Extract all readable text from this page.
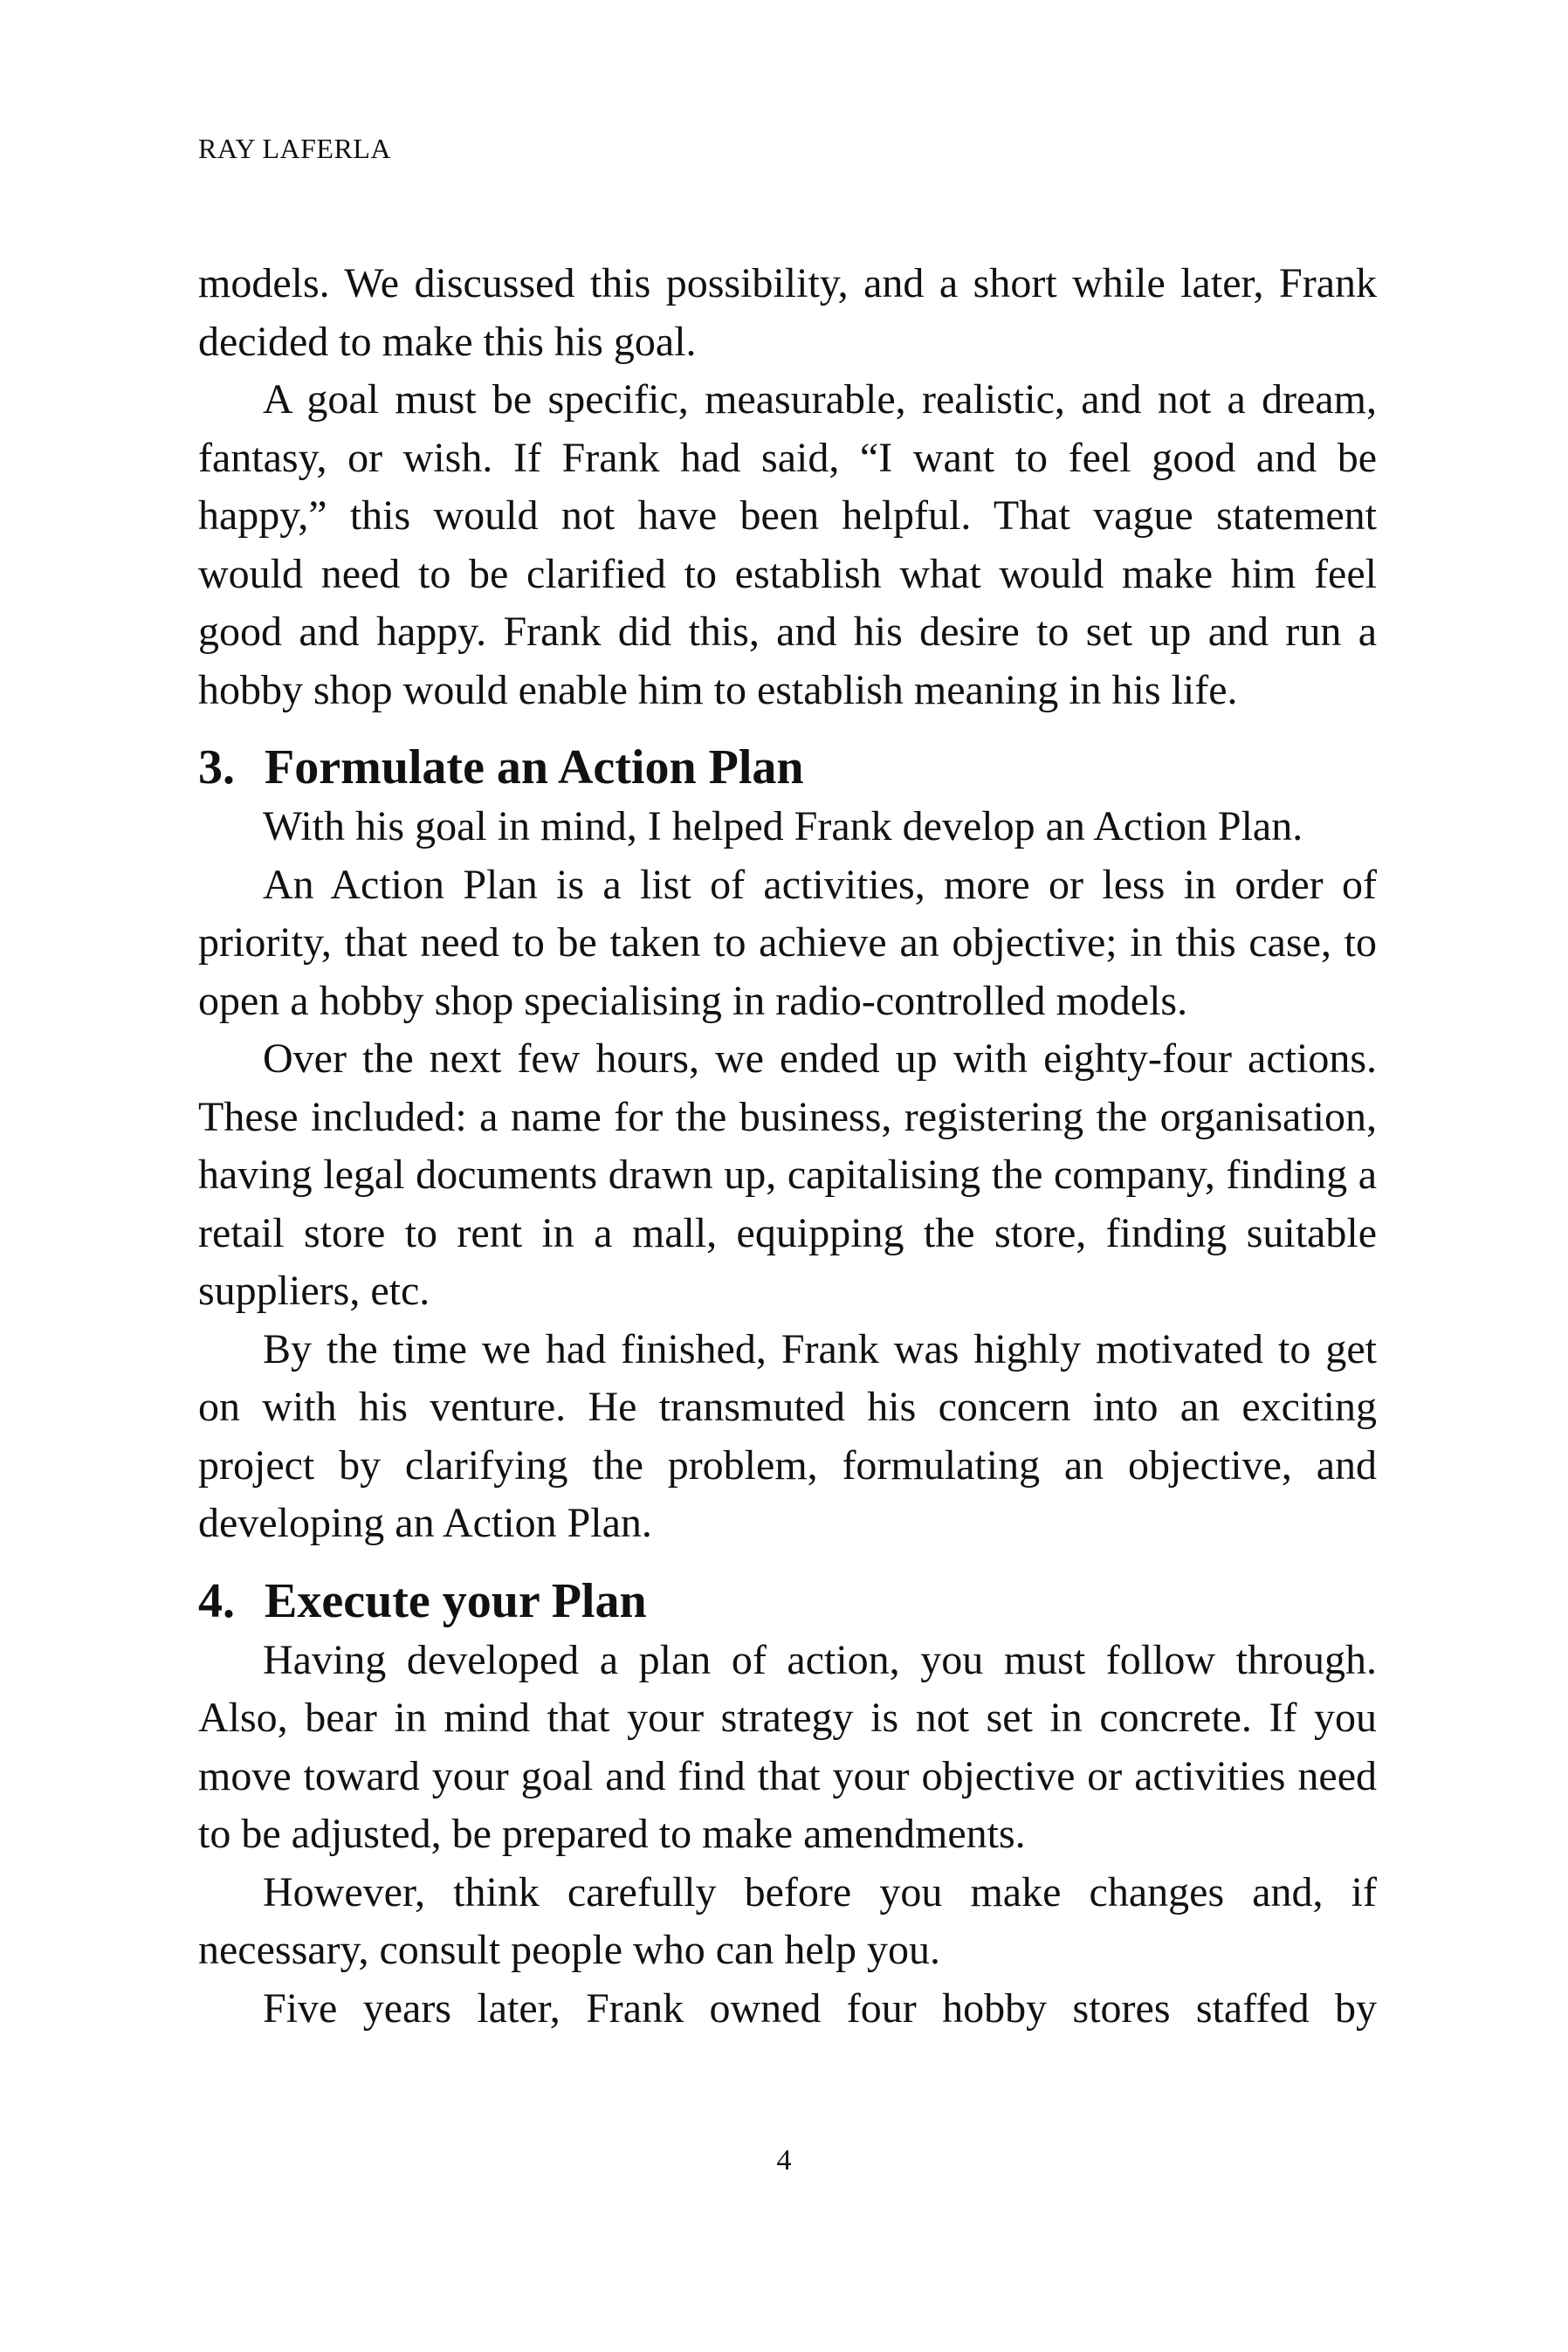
RAY LAFERLA

models. We discussed this possibility, and a short while later, Frank decided to make this his goal.

A goal must be specific, measurable, realistic, and not a dream, fantasy, or wish. If Frank had said, “I want to feel good and be happy,” this would not have been helpful. That vague statement would need to be clarified to establish what would make him feel good and happy. Frank did this, and his desire to set up and run a hobby shop would enable him to establish meaning in his life.

3. Formulate an Action Plan

With his goal in mind, I helped Frank develop an Action Plan.

An Action Plan is a list of activities, more or less in order of priority, that need to be taken to achieve an objective; in this case, to open a hobby shop specialising in radio-controlled models.

Over the next few hours, we ended up with eighty-four actions. These included: a name for the business, registering the organisation, having legal documents drawn up, capitalising the company, finding a retail store to rent in a mall, equipping the store, finding suitable suppliers, etc.

By the time we had finished, Frank was highly motivated to get on with his venture. He transmuted his concern into an exciting project by clarifying the problem, formulating an objective, and developing an Action Plan.

4. Execute your Plan

Having developed a plan of action, you must follow through. Also, bear in mind that your strategy is not set in concrete. If you move toward your goal and find that your objective or activities need to be adjusted, be prepared to make amendments.

However, think carefully before you make changes and, if necessary, consult people who can help you.

Five years later, Frank owned four hobby stores staffed by

4
